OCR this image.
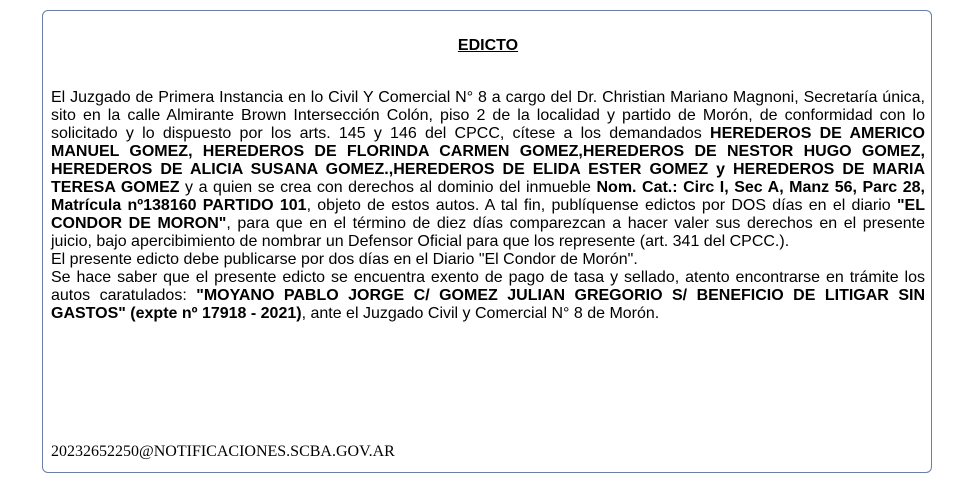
EDICTO

El Juzgado de Primera Instancia en lo Civil Y Comercial N° 8 a cargo del Dr. Christian Mariano Magnoni, Secretaría única, sito en la calle Almirante Brown Intersección Colón, piso 2 de la localidad y partido de Morón, de conformidad con lo solicitado y lo dispuesto por los arts. 145 y 146 del CPCC, cítese a los demandados HEREDEROS DE AMERICO MANUEL GOMEZ, HEREDEROS DE FLORINDA CARMEN GOMEZ,HEREDEROS DE NESTOR HUGO GOMEZ, HEREDEROS DE ALICIA SUSANA GOMEZ.,HEREDEROS DE ELIDA ESTER GOMEZ y HEREDEROS DE MARIA TERESA GOMEZ y a quien se crea con derechos al dominio del inmueble Nom. Cat.: Circ I, Sec A, Manz 56, Parc 28, Matrícula nº138160 PARTIDO 101, objeto de estos autos. A tal fin, publíquense edictos por DOS días en el diario "EL CONDOR DE MORON", para que en el término de diez días comparezcan a hacer valer sus derechos en el presente juicio, bajo apercibimiento de nombrar un Defensor Oficial para que los represente (art. 341 del CPCC.).

El presente edicto debe publicarse por dos días en el Diario "El Condor de Morón".

Se hace saber que el presente edicto se encuentra exento de pago de tasa y sellado, atento encontrarse en trámite los autos caratulados: "MOYANO PABLO JORGE C/ GOMEZ JULIAN GREGORIO S/ BENEFICIO DE LITIGAR SIN GASTOS" (expte nº 17918 - 2021), ante el Juzgado Civil y Comercial N° 8 de Morón.

20232652250@NOTIFICACIONES.SCBA.GOV.AR
